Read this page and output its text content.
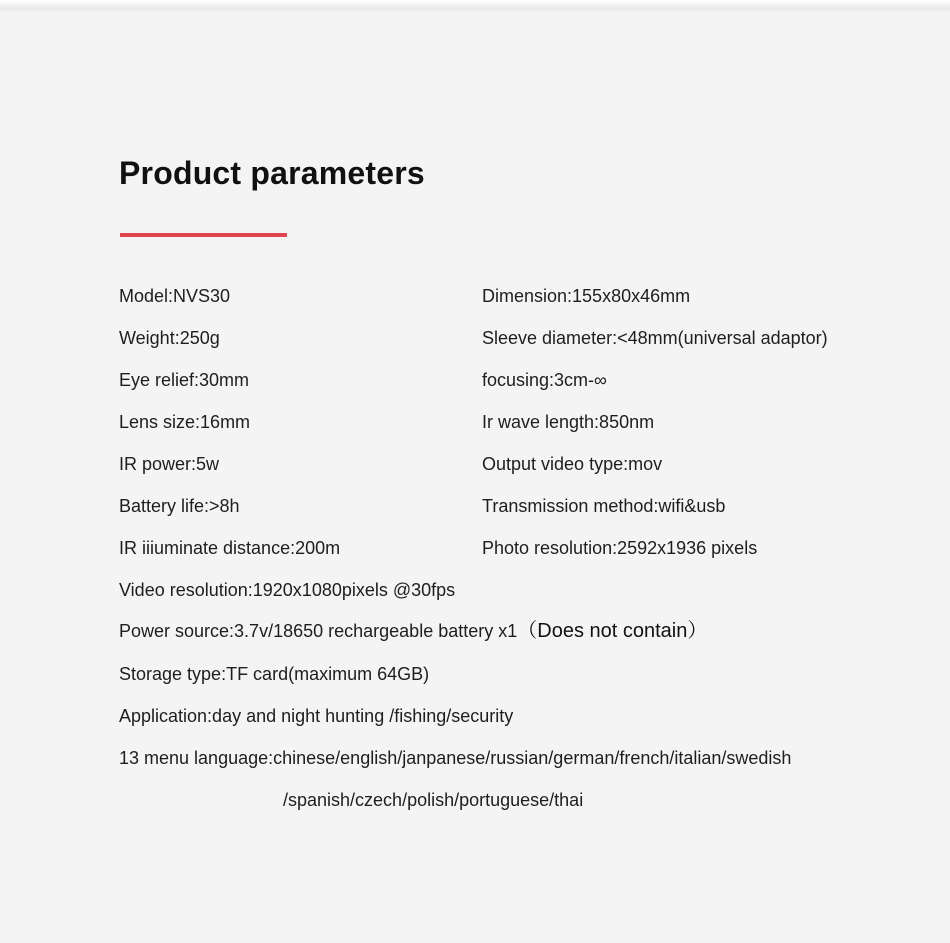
Product parameters
Model:NVS30	Dimension:155x80x46mm
Weight:250g	Sleeve diameter:<48mm(universal adaptor)
Eye relief:30mm	focusing:3cm-∞
Lens size:16mm	Ir wave length:850nm
IR power:5w	Output video type:mov
Battery life:>8h	Transmission method:wifi&usb
IR iiiuminate distance:200m	Photo resolution:2592x1936 pixels
Video resolution:1920x1080pixels @30fps
Power source:3.7v/18650 rechargeable battery x1（Does not contain）
Storage type:TF card(maximum 64GB)
Application:day and night hunting /fishing/security
13 menu language:chinese/english/janpanese/russian/german/french/italian/swedish
/spanish/czech/polish/portuguese/thai
